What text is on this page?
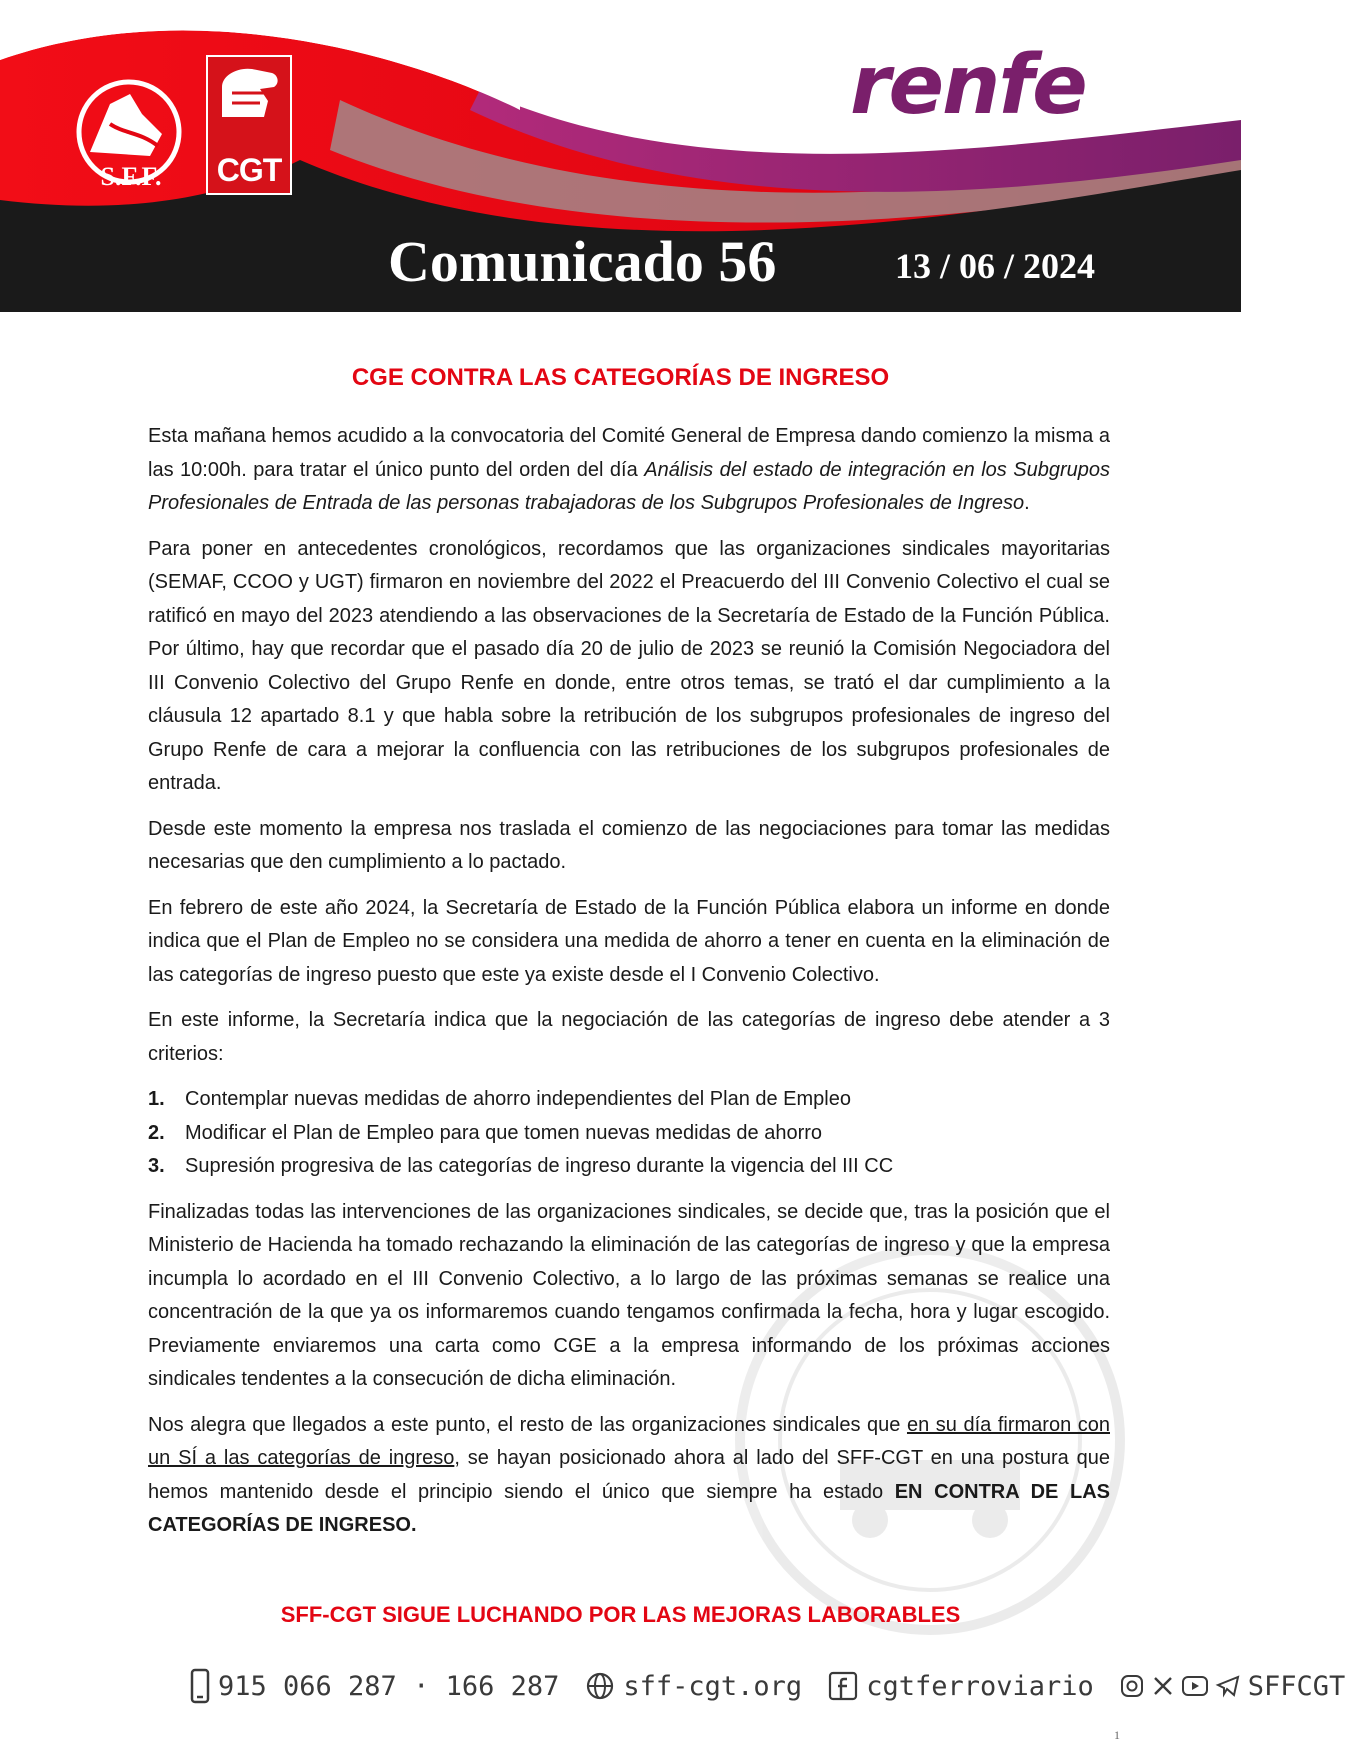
S.F.F.	CGT
renfe
Comunicado 56	13 / 06 / 2024
CGE CONTRA LAS CATEGORÍAS DE INGRESO

Esta mañana hemos acudido a la convocatoria del Comité General de Empresa dando comienzo la misma a las 10:00h. para tratar el único punto del orden del día Análisis del estado de integración en los Subgrupos Profesionales de Entrada de las personas trabajadoras de los Subgrupos Profesionales de Ingreso.

Para poner en antecedentes cronológicos, recordamos que las organizaciones sindicales mayoritarias (SEMAF, CCOO y UGT) firmaron en noviembre del 2022 el Preacuerdo del III Convenio Colectivo el cual se ratificó en mayo del 2023 atendiendo a las observaciones de la Secretaría de Estado de la Función Pública. Por último, hay que recordar que el pasado día 20 de julio de 2023 se reunió la Comisión Negociadora del III Convenio Colectivo del Grupo Renfe en donde, entre otros temas, se trató el dar cumplimiento a la cláusula 12 apartado 8.1 y que habla sobre la retribución de los subgrupos profesionales de ingreso del Grupo Renfe de cara a mejorar la confluencia con las retribuciones de los subgrupos profesionales de entrada.

Desde este momento la empresa nos traslada el comienzo de las negociaciones para tomar las medidas necesarias que den cumplimiento a lo pactado.

En febrero de este año 2024, la Secretaría de Estado de la Función Pública elabora un informe en donde indica que el Plan de Empleo no se considera una medida de ahorro a tener en cuenta en la eliminación de las categorías de ingreso puesto que este ya existe desde el I Convenio Colectivo.

En este informe, la Secretaría indica que la negociación de las categorías de ingreso debe atender a 3 criterios:

1.	Contemplar nuevas medidas de ahorro independientes del Plan de Empleo
2.	Modificar el Plan de Empleo para que tomen nuevas medidas de ahorro
3.	Supresión progresiva de las categorías de ingreso durante la vigencia del III CC

Finalizadas todas las intervenciones de las organizaciones sindicales, se decide que, tras la posición que el Ministerio de Hacienda ha tomado rechazando la eliminación de las categorías de ingreso y que la empresa incumpla lo acordado en el III Convenio Colectivo, a lo largo de las próximas semanas se realice una concentración de la que ya os informaremos cuando tengamos confirmada la fecha, hora y lugar escogido. Previamente enviaremos una carta como CGE a la empresa informando de los próximas acciones sindicales tendentes a la consecución de dicha eliminación.

Nos alegra que llegados a este punto, el resto de las organizaciones sindicales que en su día firmaron con un SÍ a las categorías de ingreso, se hayan posicionado ahora al lado del SFF-CGT en una postura que hemos mantenido desde el principio siendo el único que siempre ha estado EN CONTRA DE LAS CATEGORÍAS DE INGRESO.

SFF-CGT SIGUE LUCHANDO POR LAS MEJORAS LABORABLES
915 066 287 · 166 287 sff-cgt.org cgtferroviario	SFFCGT
1
